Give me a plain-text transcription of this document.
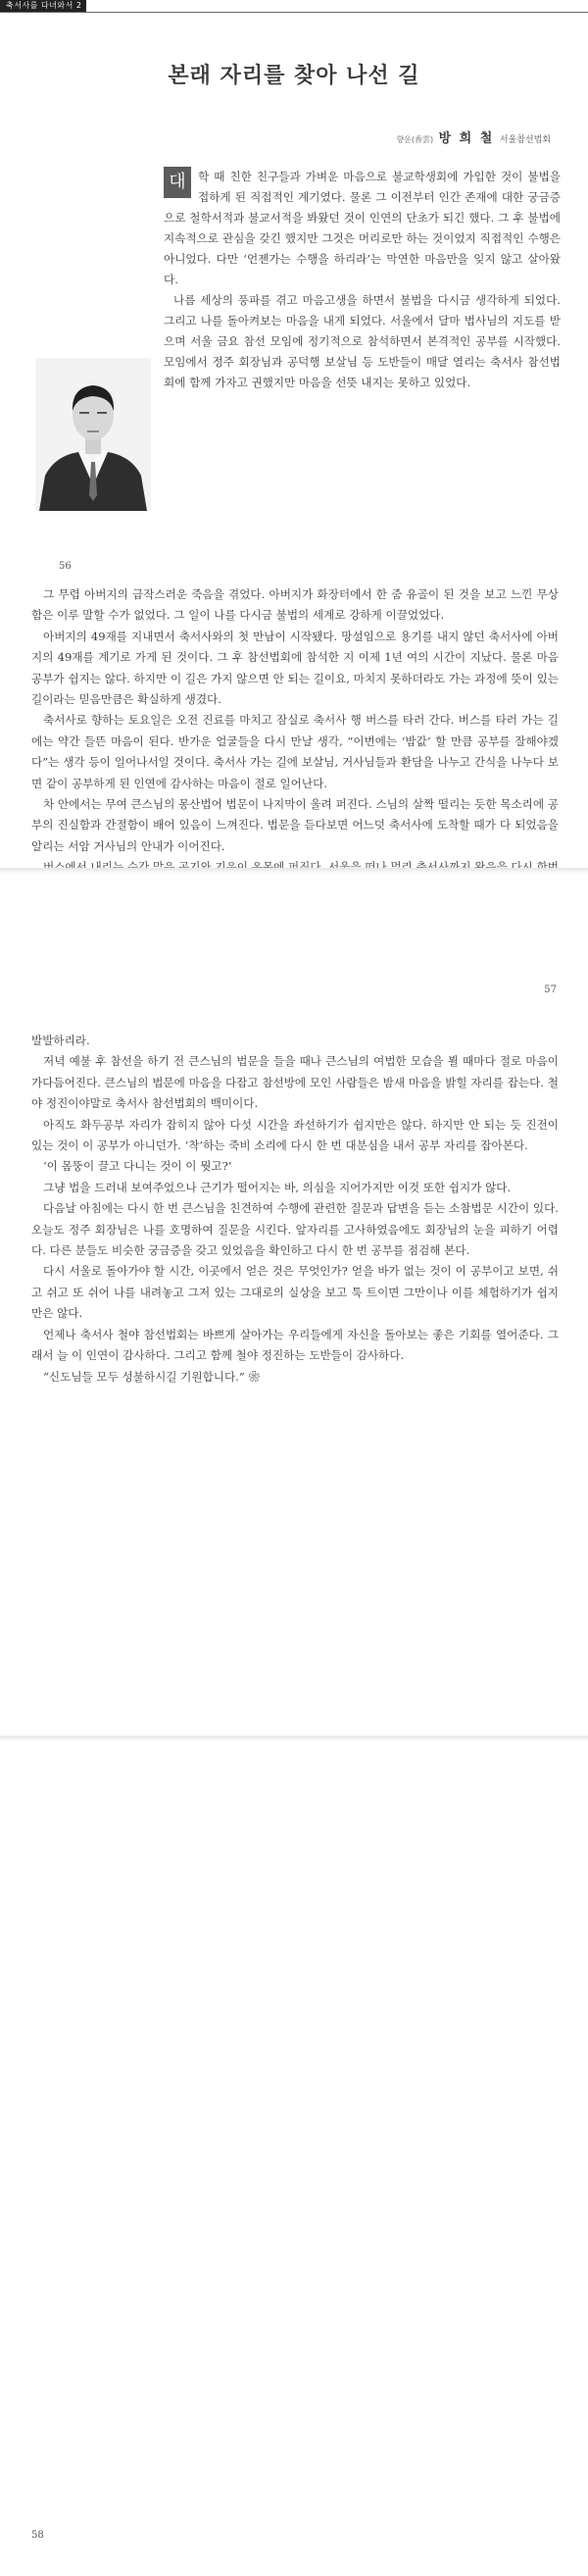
축서사를 다녀와서 2
본래 자리를 찾아 나선 길
향운(香雲) 방 희 철 서울참선법회

대	학 때 친한 친구들과 가벼운 마음으로 불교학생회에 가입한 것이 불법을 접하게 된 직접적인 계기였다. 물론 그 이전부터 인간 존재에 대한 궁금증으로 철학서적과 불교서적을 봐왔던 것이 인연의 단초가 되긴 했다. 그 후 불법에 지속적으로 관심을 갖긴 했지만 그것은 머리로만 하는 것이었지 직접적인 수행은 아니었다. 다만 ‘언젠가는 수행을 하리라’는 막연한 마음만을 잊지 않고 살아왔다.

나름 세상의 풍파를 겪고 마음고생을 하면서 불법을 다시금 생각하게 되었다. 그리고 나를 돌아켜보는 마음을 내게 되었다. 서울에서 달마 법사님의 지도를 받으며 서울 금요 참선 모임에 정기적으로 참석하면서 본격적인 공부를 시작했다. 모임에서 정주 회장님과 공덕행 보살님 등 도반들이 매달 열리는 축서사 참선법회에 함께 가자고 권했지만 마음을 선뜻 내지는 못하고 있었다.

56

그 무렵 아버지의 급작스러운 죽음을 겪었다. 아버지가 화장터에서 한 줌 유골이 된 것을 보고 느낀 무상함은 이루 말할 수가 없었다. 그 일이 나를 다시금 불법의 세계로 강하게 이끌었었다.

아버지의 49재를 지내면서 축서사와의 첫 만남이 시작됐다. 망설임으로 용기를 내지 않던 축서사에 아버지의 49재를 계기로 가게 된 것이다. 그 후 참선법회에 참석한 지 이제 1년 여의 시간이 지났다. 물론 마음 공부가 쉽지는 않다. 하지만 이 길은 가지 않으면 안 되는 길이요, 마치지 못하더라도 가는 과정에 뜻이 있는 길이라는 믿음만큼은 확실하게 생겼다.

축서사로 향하는 토요일은 오전 진료를 마치고 잠실로 축서사 행 버스를 타러 간다. 버스를 타러 가는 길에는 약간 들뜬 마음이 된다. 반가운 얼굴들을 다시 만날 생각, “이번에는 ‘밥값’ 할 만큼 공부를 잘해야겠다”는 생각 등이 일어나서일 것이다. 축서사 가는 길에 보살님, 거사님들과 환담을 나누고 간식을 나누다 보면 같이 공부하게 된 인연에 감사하는 마음이 절로 일어난다.

차 안에서는 무여 큰스님의 몽산법어 법문이 나지막이 울려 퍼진다. 스님의 살짝 떨리는 듯한 목소리에 공부의 진실함과 간절함이 배어 있음이 느껴진다. 법문을 듣다보면 어느덧 축서사에 도착할 때가 다 되었음을 알리는 서암 거사님의 안내가 이어진다.

57

발발하리라.

저녁 예불 후 참선을 하기 전 큰스님의 법문을 들을 때나 큰스님의 여법한 모습을 뵐 때마다 절로 마음이 가다듬어진다. 큰스님의 법문에 마음을 다잡고 참선방에 모인 사람들은 밤새 마음을 밝힐 자리를 잡는다. 철야 정진이야말로 축서사 참선법회의 백미이다.

아직도 화두공부 자리가 잡히지 않아 다섯 시간을 좌선하기가 쉽지만은 않다. 하지만 안 되는 듯 진전이 있는 것이 이 공부가 아니던가. ‘착’하는 죽비 소리에 다시 한 번 대분심을 내서 공부 자리를 잡아본다.

‘이 몸뚱이 끌고 다니는 것이 이 뭣고?’

그냥 법을 드러내 보여주었으나 근기가 떨어지는 바, 의심을 지어가지만 이것 또한 쉽지가 않다.

다음날 아침에는 다시 한 번 큰스님을 친견하여 수행에 관련한 질문과 답변을 듣는 소참법문 시간이 있다. 오늘도 정주 회장님은 나를 호명하여 질문을 시킨다. 앞자리를 고사하였음에도 회장님의 눈을 피하기 어렵다. 다른 분들도 비슷한 궁금증을 갖고 있었음을 확인하고 다시 한 번 공부를 점검해 본다.

다시 서울로 돌아가야 할 시간, 이곳에서 얻은 것은 무엇인가? 얻을 바가 없는 것이 이 공부이고 보면, 쉬고 쉬고 또 쉬어 나를 내려놓고 그저 있는 그대로의 실상을 보고 툭 트이면 그만이나 이를 체험하기가 쉽지만은 않다.

언제나 축서사 철야 참선법회는 바쁘게 살아가는 우리들에게 자신을 돌아보는 좋은 기회를 열어준다. 그래서 늘 이 인연이 감사하다. 그리고 함께 철야 정진하는 도반들이 감사하다.

“신도님들 모두 성불하시길 기원합니다.” ❀

58
